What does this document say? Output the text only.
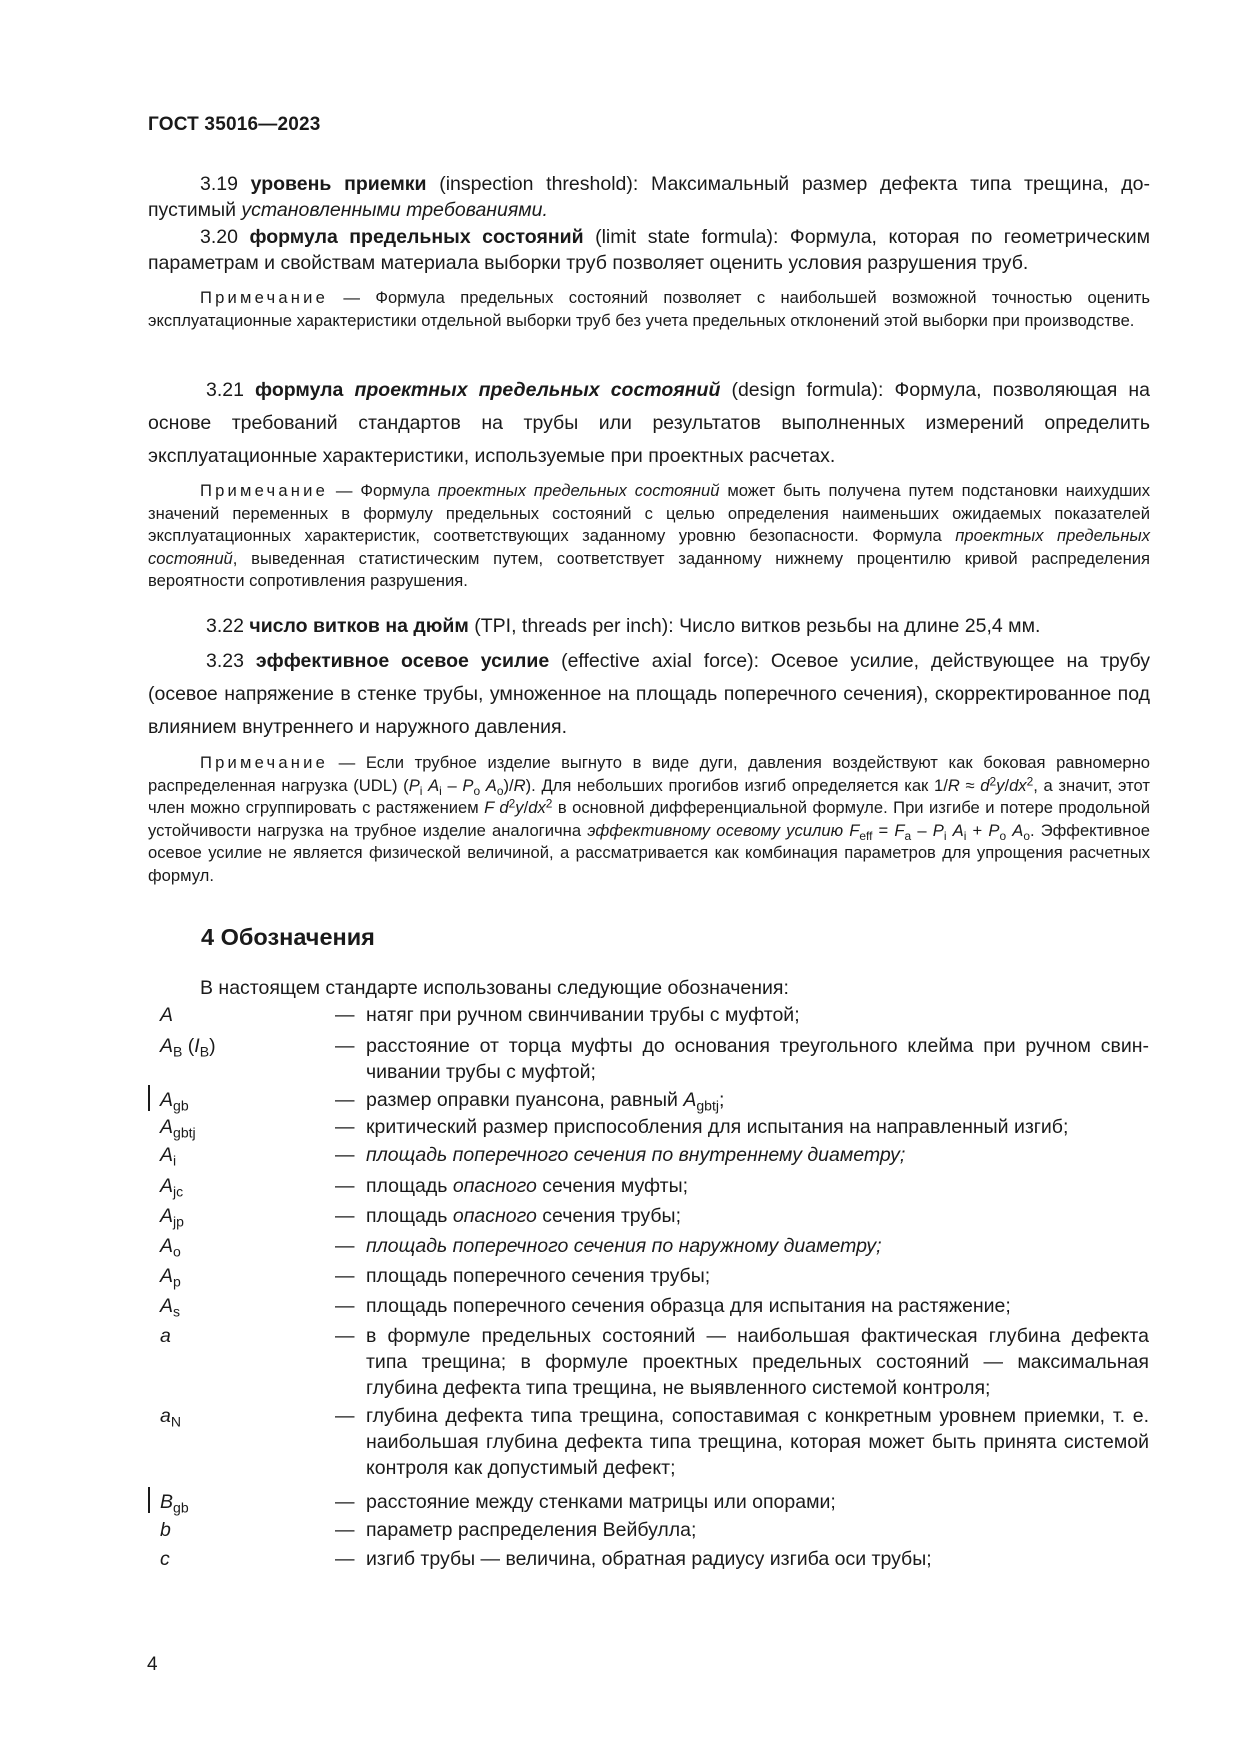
ГОСТ 35016—2023
3.19 уровень приемки (inspection threshold): Максимальный размер дефекта типа трещина, допустимый установленными требованиями.
3.20 формула предельных состояний (limit state formula): Формула, которая по геометрическим параметрам и свойствам материала выборки труб позволяет оценить условия разрушения труб.
Примечание — Формула предельных состояний позволяет с наибольшей возможной точностью оценить эксплуатационные характеристики отдельной выборки труб без учета предельных отклонений этой выборки при производстве.
3.21 формула проектных предельных состояний (design formula): Формула, позволяющая на основе требований стандартов на трубы или результатов выполненных измерений определить эксплуатационные характеристики, используемые при проектных расчетах.
Примечание — Формула проектных предельных состояний может быть получена путем подстановки наихудших значений переменных в формулу предельных состояний с целью определения наименьших ожидаемых показателей эксплуатационных характеристик, соответствующих заданному уровню безопасности. Формула проектных предельных состояний, выведенная статистическим путем, соответствует заданному нижнему процентилю кривой распределения вероятности сопротивления разрушения.
3.22 число витков на дюйм (TPI, threads per inch): Число витков резьбы на длине 25,4 мм.
3.23 эффективное осевое усилие (effective axial force): Осевое усилие, действующее на трубу (осевое напряжение в стенке трубы, умноженное на площадь поперечного сечения), скорректированное под влиянием внутреннего и наружного давления.
Примечание — Если трубное изделие выгнуто в виде дуги, давления воздействуют как боковая равномерно распределенная нагрузка (UDL) ($P_i$ $A_i - P_o$ $A_o)/R$). Для небольших прогибов изгиб определяется как $1/R \approx d^2y/dx^2$, а значит, этот член можно сгруппировать с растяжением F $d^2y/dx^2$ в основной дифференциальной формуле. При изгибе и потере продольной устойчивости нагрузка на трубное изделие аналогична эффективному осевому усилию $F_{eff} = F_a - P_i$ $A_i + P_o$ $A_o$. Эффективное осевое усилие не является физической величиной, а рассматривается как комбинация параметров для упрощения расчетных формул.
4 Обозначения
В настоящем стандарте использованы следующие обозначения:
A	— натяг при ручном свинчивании трубы с муфтой;
$A_B$ $(I_B)$	— расстояние от торца муфты до основания треугольного клейма при ручном свинчивании трубы с муфтой;
$A_{gb}$	— размер оправки пуансона, равный $A_{gbtj}$;
$A_{gbtj}$	— критический размер приспособления для испытания на направленный изгиб;
$A_i$	— площадь поперечного сечения по внутреннему диаметру;
$A_{jc}$	— площадь опасного сечения муфты;
$A_{jp}$	— площадь опасного сечения трубы;
$A_o$	— площадь поперечного сечения по наружному диаметру;
$A_p$	— площадь поперечного сечения трубы;
$A_s$	— площадь поперечного сечения образца для испытания на растяжение;
a	— в формуле предельных состояний — наибольшая фактическая глубина дефекта типа трещина; в формуле проектных предельных состояний — максимальная глубина дефекта типа трещина, не выявленного системой контроля;
$a_N$	— глубина дефекта типа трещина, сопоставимая с конкретным уровнем приемки, т. е. наибольшая глубина дефекта типа трещина, которая может быть принята системой контроля как допустимый дефект;
$B_{gb}$	— расстояние между стенками матрицы или опорами;
b	— параметр распределения Вейбулла;
c	— изгиб трубы — величина, обратная радиусу изгиба оси трубы;
4
